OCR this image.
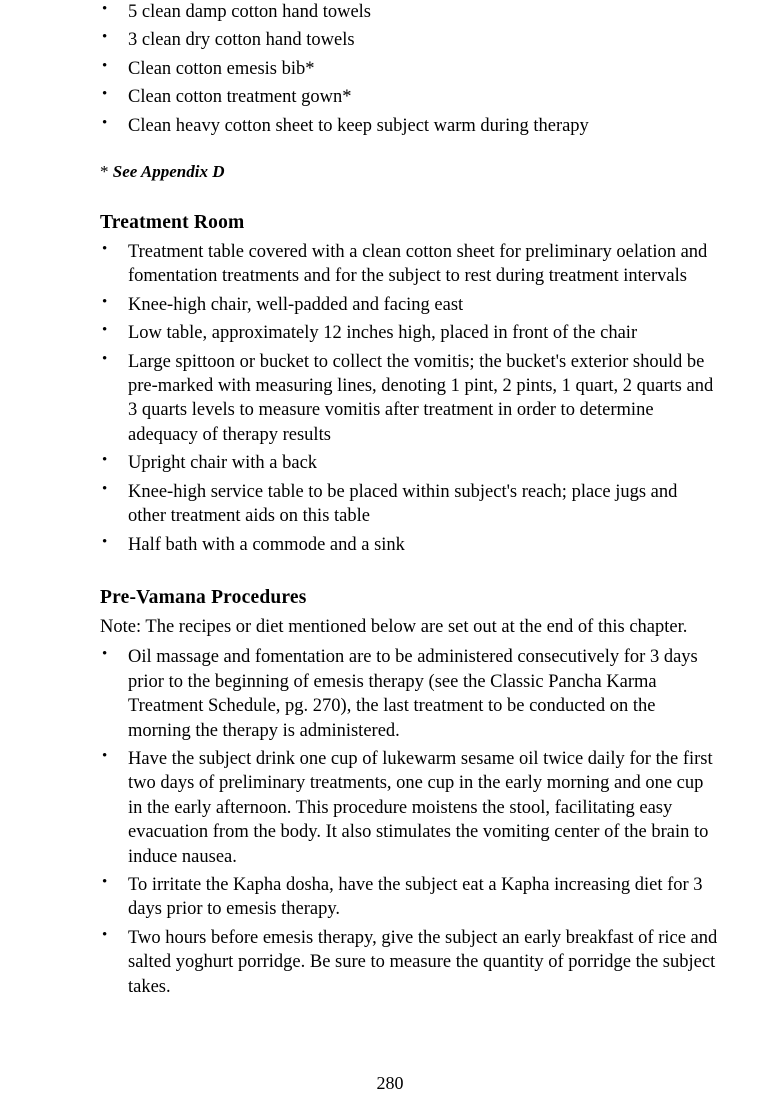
• 5 clean damp cotton hand towels
• 3 clean dry cotton hand towels
• Clean cotton emesis bib*
• Clean cotton treatment gown*
• Clean heavy cotton sheet to keep subject warm during therapy

* See Appendix D

Treatment Room
• Treatment table covered with a clean cotton sheet for preliminary oelation and fomentation treatments and for the subject to rest during treatment intervals
• Knee-high chair, well-padded and facing east
• Low table, approximately 12 inches high, placed in front of the chair
• Large spittoon or bucket to collect the vomitis; the bucket's exterior should be pre-marked with measuring lines, denoting 1 pint, 2 pints, 1 quart, 2 quarts and 3 quarts levels to measure vomitis after treatment in order to determine adequacy of therapy results
• Upright chair with a back
• Knee-high service table to be placed within subject's reach; place jugs and other treatment aids on this table
• Half bath with a commode and a sink
Pre-Vamana Procedures

Note: The recipes or diet mentioned below are set out at the end of this chapter.

• Oil massage and fomentation are to be administered consecutively for 3 days prior to the beginning of emesis therapy (see the Classic Pancha Karma Treatment Schedule, pg. 270), the last treatment to be conducted on the morning the therapy is administered.
• Have the subject drink one cup of lukewarm sesame oil twice daily for the first two days of preliminary treatments, one cup in the early morning and one cup in the early afternoon. This procedure moistens the stool, facilitating easy evacuation from the body. It also stimulates the vomiting center of the brain to induce nausea.
• To irritate the Kapha dosha, have the subject eat a Kapha increasing diet for 3 days prior to emesis therapy.
• Two hours before emesis therapy, give the subject an early breakfast of rice and salted yoghurt porridge. Be sure to measure the quantity of porridge the subject takes.
280
